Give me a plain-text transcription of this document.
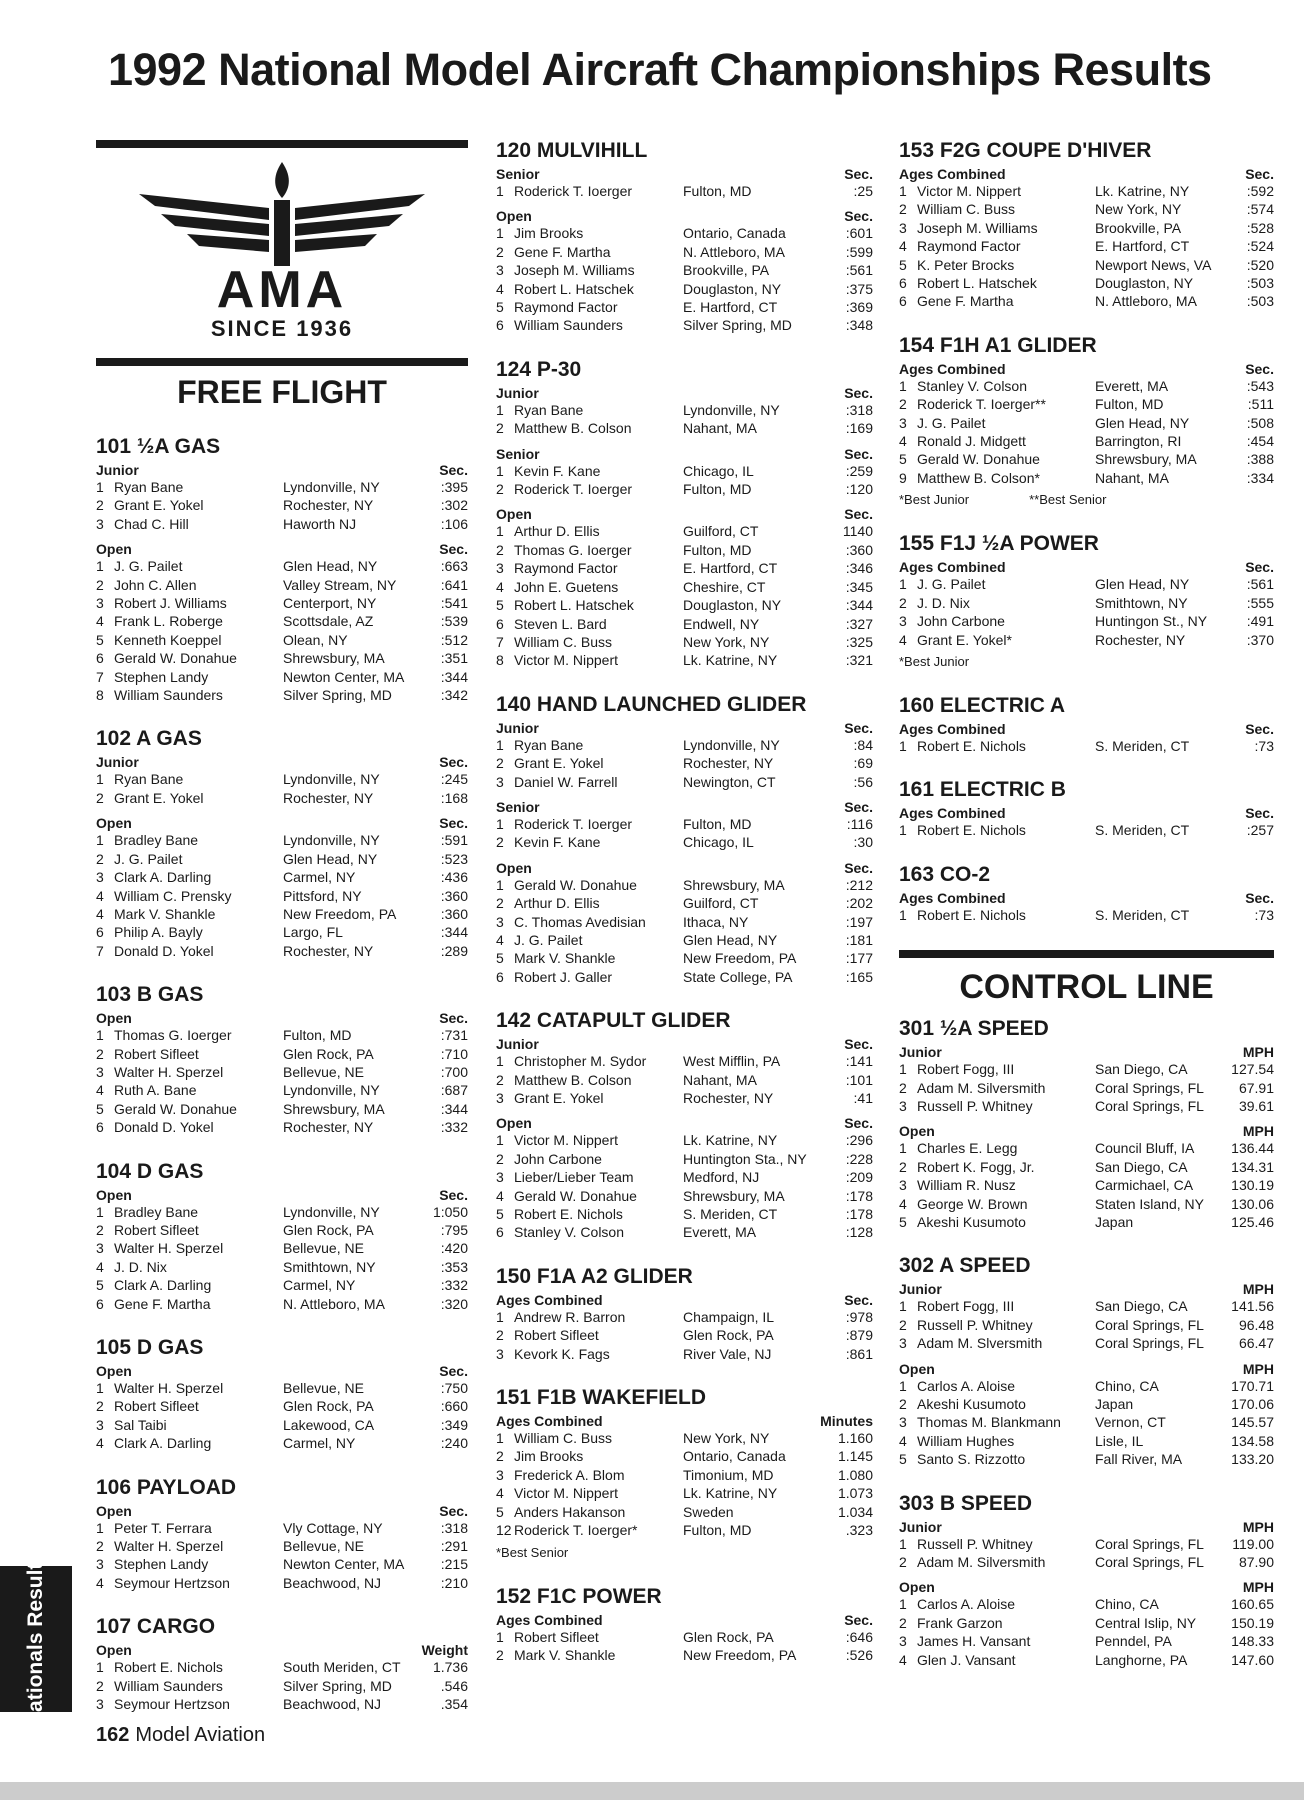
1992 National Model Aircraft Championships Results
AMA
SINCE 1936
FREE FLIGHT
101 ½A GAS
Junior	Sec.
1 Ryan Bane	Lyndonville, NY	:395
2 Grant E. Yokel	Rochester, NY	:302
3 Chad C. Hill	Haworth NJ	:106
Open	Sec.
1 J. G. Pailet	Glen Head, NY	:663
2 John C. Allen	Valley Stream, NY	:641
3 Robert J. Williams	Centerport, NY	:541
4 Frank L. Roberge	Scottsdale, AZ	:539
5 Kenneth Koeppel	Olean, NY	:512
6 Gerald W. Donahue	Shrewsbury, MA	:351
7 Stephen Landy	Newton Center, MA	:344
8 William Saunders	Silver Spring, MD	:342
102 A GAS
Junior	Sec.
1 Ryan Bane	Lyndonville, NY	:245
2 Grant E. Yokel	Rochester, NY	:168
Open	Sec.
1 Bradley Bane	Lyndonville, NY	:591
2 J. G. Pailet	Glen Head, NY	:523
3 Clark A. Darling	Carmel, NY	:436
4 William C. Prensky	Pittsford, NY	:360
4 Mark V. Shankle	New Freedom, PA	:360
6 Philip A. Bayly	Largo, FL	:344
7 Donald D. Yokel	Rochester, NY	:289
103 B GAS
Open	Sec.
1 Thomas G. Ioerger	Fulton, MD	:731
2 Robert Sifleet	Glen Rock, PA	:710
3 Walter H. Sperzel	Bellevue, NE	:700
4 Ruth A. Bane	Lyndonville, NY	:687
5 Gerald W. Donahue	Shrewsbury, MA	:344
6 Donald D. Yokel	Rochester, NY	:332
104 D GAS
Open	Sec.
1 Bradley Bane	Lyndonville, NY	1:050
2 Robert Sifleet	Glen Rock, PA	:795
3 Walter H. Sperzel	Bellevue, NE	:420
4 J. D. Nix	Smithtown, NY	:353
5 Clark A. Darling	Carmel, NY	:332
6 Gene F. Martha	N. Attleboro, MA	:320
105 D GAS
Open	Sec.
1 Walter H. Sperzel	Bellevue, NE	:750
2 Robert Sifleet	Glen Rock, PA	:660
3 Sal Taibi	Lakewood, CA	:349
4 Clark A. Darling	Carmel, NY	:240
106 PAYLOAD
Open	Sec.
1 Peter T. Ferrara	Vly Cottage, NY	:318
2 Walter H. Sperzel	Bellevue, NE	:291
3 Stephen Landy	Newton Center, MA	:215
4 Seymour Hertzson	Beachwood, NJ	:210
107 CARGO
Open	Weight
1 Robert E. Nichols	South Meriden, CT	1.736
2 William Saunders	Silver Spring, MD	.546
3 Seymour Hertzson	Beachwood, NJ	.354
120 MULVIHILL
Senior	Sec.
1 Roderick T. Ioerger	Fulton, MD	:25
Open	Sec.
1 Jim Brooks	Ontario, Canada	:601
2 Gene F. Martha	N. Attleboro, MA	:599
3 Joseph M. Williams	Brookville, PA	:561
4 Robert L. Hatschek	Douglaston, NY	:375
5 Raymond Factor	E. Hartford, CT	:369
6 William Saunders	Silver Spring, MD	:348
124 P-30
Junior	Sec.
1 Ryan Bane	Lyndonville, NY	:318
2 Matthew B. Colson	Nahant, MA	:169
Senior	Sec.
1 Kevin F. Kane	Chicago, IL	:259
2 Roderick T. Ioerger	Fulton, MD	:120
Open	Sec.
1 Arthur D. Ellis	Guilford, CT	1140
2 Thomas G. Ioerger	Fulton, MD	:360
3 Raymond Factor	E. Hartford, CT	:346
4 John E. Guetens	Cheshire, CT	:345
5 Robert L. Hatschek	Douglaston, NY	:344
6 Steven L. Bard	Endwell, NY	:327
7 William C. Buss	New York, NY	:325
8 Victor M. Nippert	Lk. Katrine, NY	:321
140 HAND LAUNCHED GLIDER
Junior	Sec.
1 Ryan Bane	Lyndonville, NY	:84
2 Grant E. Yokel	Rochester, NY	:69
3 Daniel W. Farrell	Newington, CT	:56
Senior	Sec.
1 Roderick T. Ioerger	Fulton, MD	:116
2 Kevin F. Kane	Chicago, IL	:30
Open	Sec.
1 Gerald W. Donahue	Shrewsbury, MA	:212
2 Arthur D. Ellis	Guilford, CT	:202
3 C. Thomas Avedisian	Ithaca, NY	:197
4 J. G. Pailet	Glen Head, NY	:181
5 Mark V. Shankle	New Freedom, PA	:177
6 Robert J. Galler	State College, PA	:165
142 CATAPULT GLIDER
Junior	Sec.
1 Christopher M. Sydor	West Mifflin, PA	:141
2 Matthew B. Colson	Nahant, MA	:101
3 Grant E. Yokel	Rochester, NY	:41
Open	Sec.
1 Victor M. Nippert	Lk. Katrine, NY	:296
2 John Carbone	Huntington Sta., NY	:228
3 Lieber/Lieber Team	Medford, NJ	:209
4 Gerald W. Donahue	Shrewsbury, MA	:178
5 Robert E. Nichols	S. Meriden, CT	:178
6 Stanley V. Colson	Everett, MA	:128
150 F1A A2 GLIDER
Ages Combined	Sec.
1 Andrew R. Barron	Champaign, IL	:978
2 Robert Sifleet	Glen Rock, PA	:879
3 Kevork K. Fags	River Vale, NJ	:861
151 F1B WAKEFIELD
Ages Combined	Minutes
1 William C. Buss	New York, NY	1.160
2 Jim Brooks	Ontario, Canada	1.145
3 Frederick A. Blom	Timonium, MD	1.080
4 Victor M. Nippert	Lk. Katrine, NY	1.073
5 Anders Hakanson	Sweden	1.034
12 Roderick T. Ioerger*	Fulton, MD	.323
*Best Senior
152 F1C POWER
Ages Combined	Sec.
1 Robert Sifleet	Glen Rock, PA	:646
2 Mark V. Shankle	New Freedom, PA	:526
153 F2G COUPE D'HIVER
Ages Combined	Sec.
1 Victor M. Nippert	Lk. Katrine, NY	:592
2 William C. Buss	New York, NY	:574
3 Joseph M. Williams	Brookville, PA	:528
4 Raymond Factor	E. Hartford, CT	:524
5 K. Peter Brocks	Newport News, VA	:520
6 Robert L. Hatschek	Douglaston, NY	:503
6 Gene F. Martha	N. Attleboro, MA	:503
154 F1H A1 GLIDER
Ages Combined	Sec.
1 Stanley V. Colson	Everett, MA	:543
2 Roderick T. Ioerger**	Fulton, MD	:511
3 J. G. Pailet	Glen Head, NY	:508
4 Ronald J. Midgett	Barrington, RI	:454
5 Gerald W. Donahue	Shrewsbury, MA	:388
9 Matthew B. Colson*	Nahant, MA	:334
*Best Junior	**Best Senior
155 F1J ½A POWER
Ages Combined	Sec.
1 J. G. Pailet	Glen Head, NY	:561
2 J. D. Nix	Smithtown, NY	:555
3 John Carbone	Huntingon St., NY	:491
4 Grant E. Yokel*	Rochester, NY	:370
*Best Junior
160 ELECTRIC A
Ages Combined	Sec.
1 Robert E. Nichols	S. Meriden, CT	:73
161 ELECTRIC B
Ages Combined	Sec.
1 Robert E. Nichols	S. Meriden, CT	:257
163 CO-2
Ages Combined	Sec.
1 Robert E. Nichols	S. Meriden, CT	:73
CONTROL LINE
301 ½A SPEED
Junior	MPH
1 Robert Fogg, III	San Diego, CA	127.54
2 Adam M. Silversmith	Coral Springs, FL	67.91
3 Russell P. Whitney	Coral Springs, FL	39.61
Open	MPH
1 Charles E. Legg	Council Bluff, IA	136.44
2 Robert K. Fogg, Jr.	San Diego, CA	134.31
3 William R. Nusz	Carmichael, CA	130.19
4 George W. Brown	Staten Island, NY	130.06
5 Akeshi Kusumoto	Japan	125.46
302 A SPEED
Junior	MPH
1 Robert Fogg, III	San Diego, CA	141.56
2 Russell P. Whitney	Coral Springs, FL	96.48
3 Adam M. Slversmith	Coral Springs, FL	66.47
Open	MPH
1 Carlos A. Aloise	Chino, CA	170.71
2 Akeshi Kusumoto	Japan	170.06
3 Thomas M. Blankmann	Vernon, CT	145.57
4 William Hughes	Lisle, IL	134.58
5 Santo S. Rizzotto	Fall River, MA	133.20
303 B SPEED
Junior	MPH
1 Russell P. Whitney	Coral Springs, FL	119.00
2 Adam M. Silversmith	Coral Springs, FL	87.90
Open	MPH
1 Carlos A. Aloise	Chino, CA	160.65
2 Frank Garzon	Central Islip, NY	150.19
3 James H. Vansant	Penndel, PA	148.33
4 Glen J. Vansant	Langhorne, PA	147.60
Nationals Results
162 Model Aviation
